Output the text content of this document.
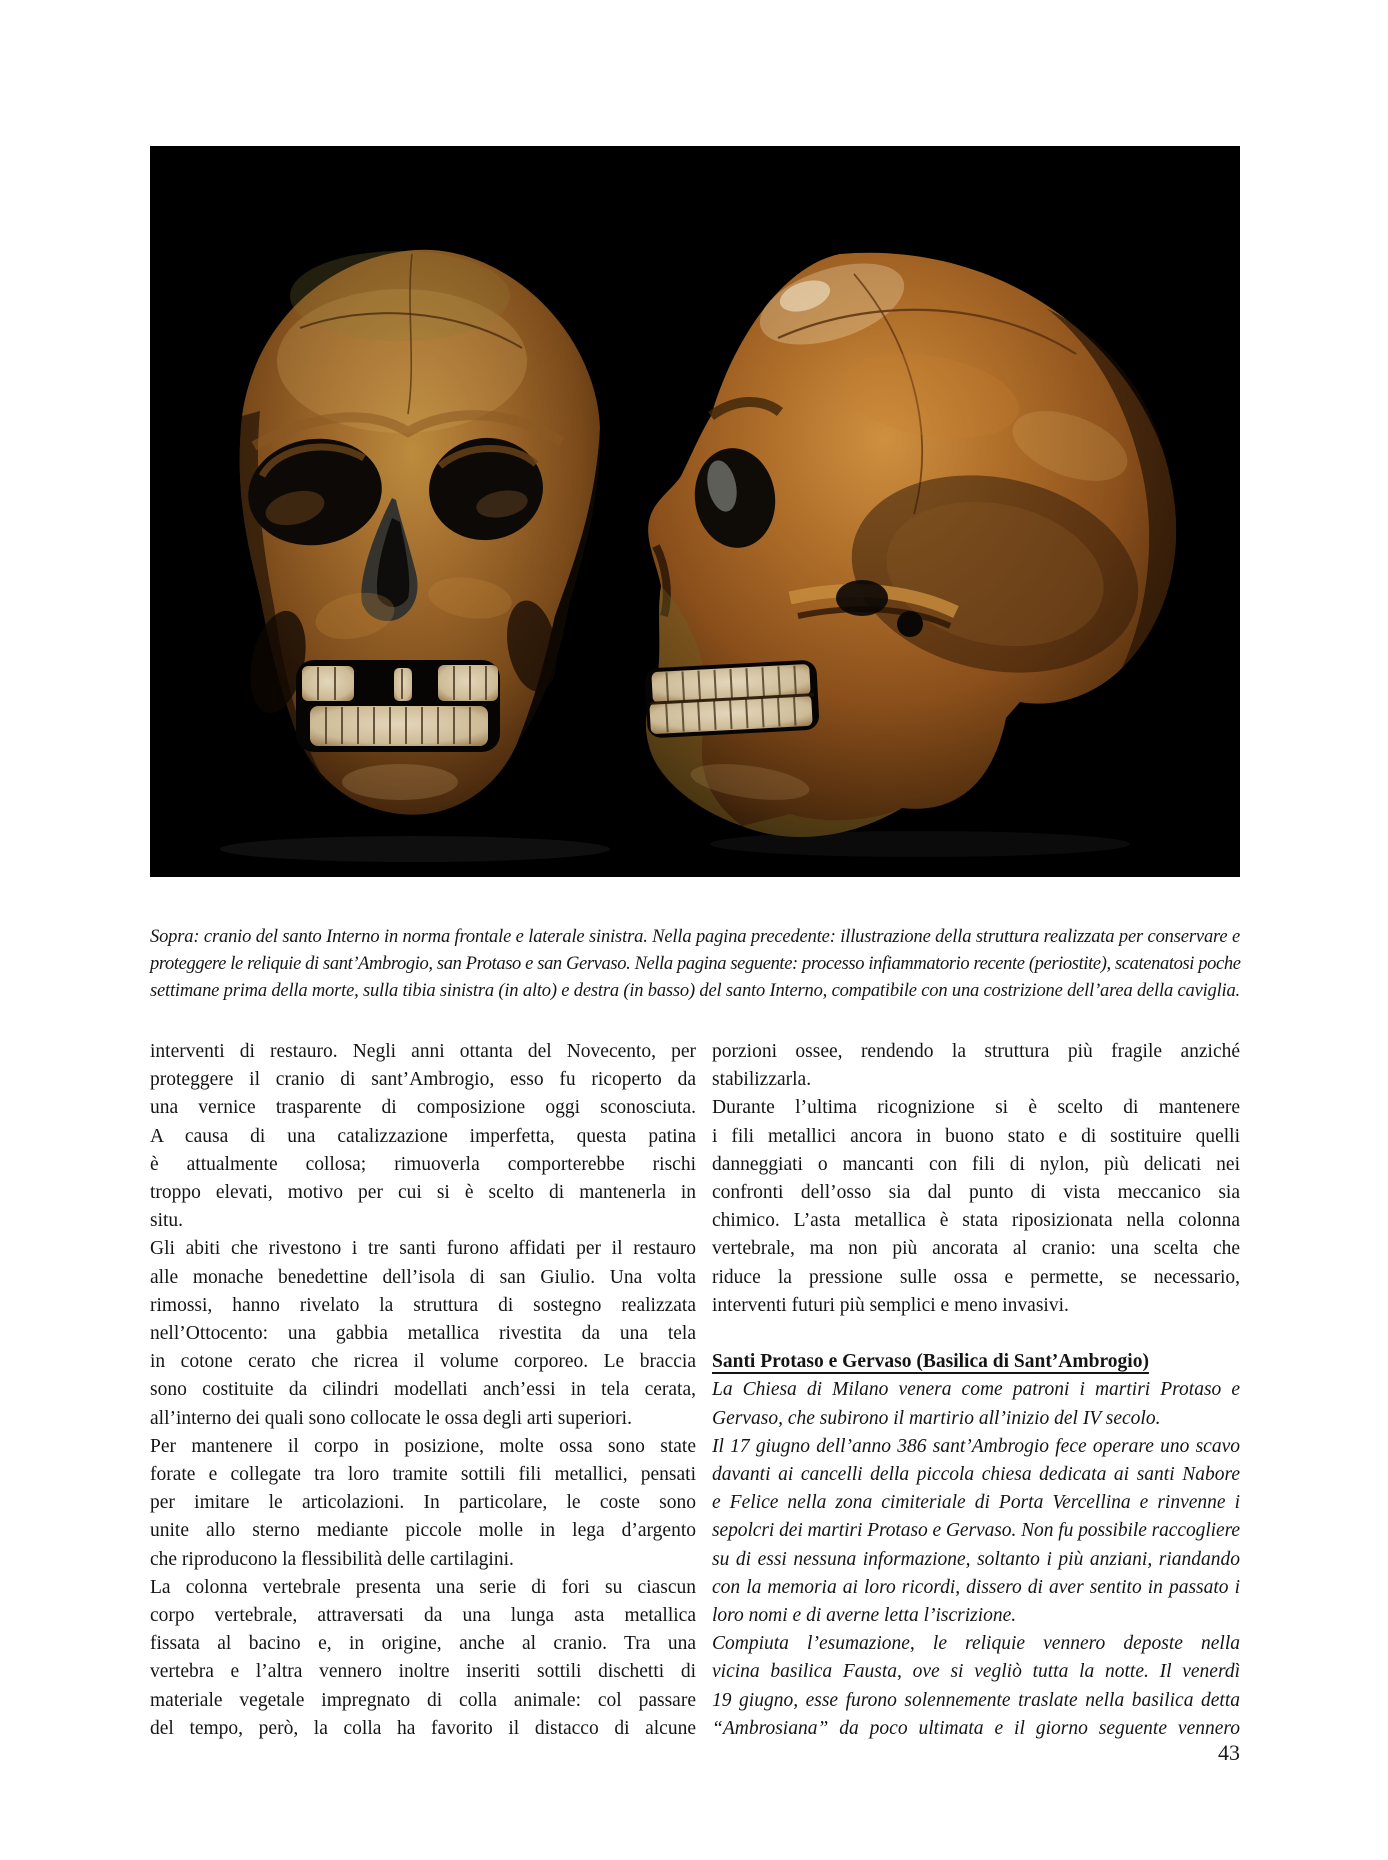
Sopra: cranio del santo Interno in norma frontale e laterale sinistra. Nella pagina precedente: illustrazione della struttura realizzata per conservare e
proteggere le reliquie di sant’Ambrogio, san Protaso e san Gervaso. Nella pagina seguente: processo infiammatorio recente (periostite), scatenatosi poche
settimane prima della morte, sulla tibia sinistra (in alto) e destra (in basso) del santo Interno, compatibile con una costrizione dell’area della caviglia.
interventi di restauro. Negli anni ottanta del Novecento, per
proteggere il cranio di sant’Ambrogio, esso fu ricoperto da
una vernice trasparente di composizione oggi sconosciuta.
A causa di una catalizzazione imperfetta, questa patina
è attualmente collosa; rimuoverla comporterebbe rischi
troppo elevati, motivo per cui si è scelto di mantenerla in
situ.
Gli abiti che rivestono i tre santi furono affidati per il restauro
alle monache benedettine dell’isola di san Giulio. Una volta
rimossi, hanno rivelato la struttura di sostegno realizzata
nell’Ottocento: una gabbia metallica rivestita da una tela
in cotone cerato che ricrea il volume corporeo. Le braccia
sono costituite da cilindri modellati anch’essi in tela cerata,
all’interno dei quali sono collocate le ossa degli arti superiori.
Per mantenere il corpo in posizione, molte ossa sono state
forate e collegate tra loro tramite sottili fili metallici, pensati
per imitare le articolazioni. In particolare, le coste sono
unite allo sterno mediante piccole molle in lega d’argento
che riproducono la flessibilità delle cartilagini.
La colonna vertebrale presenta una serie di fori su ciascun
corpo vertebrale, attraversati da una lunga asta metallica
fissata al bacino e, in origine, anche al cranio. Tra una
vertebra e l’altra vennero inoltre inseriti sottili dischetti di
materiale vegetale impregnato di colla animale: col passare
del tempo, però, la colla ha favorito il distacco di alcune
porzioni ossee, rendendo la struttura più fragile anziché
stabilizzarla.
Durante l’ultima ricognizione si è scelto di mantenere
i fili metallici ancora in buono stato e di sostituire quelli
danneggiati o mancanti con fili di nylon, più delicati nei
confronti dell’osso sia dal punto di vista meccanico sia
chimico. L’asta metallica è stata riposizionata nella colonna
vertebrale, ma non più ancorata al cranio: una scelta che
riduce la pressione sulle ossa e permette, se necessario,
interventi futuri più semplici e meno invasivi.

Santi Protaso e Gervaso (Basilica di Sant’Ambrogio)
La Chiesa di Milano venera come patroni i martiri Protaso e
Gervaso, che subirono il martirio all’inizio del IV secolo.
Il 17 giugno dell’anno 386 sant’Ambrogio fece operare uno scavo
davanti ai cancelli della piccola chiesa dedicata ai santi Nabore
e Felice nella zona cimiteriale di Porta Vercellina e rinvenne i
sepolcri dei martiri Protaso e Gervaso. Non fu possibile raccogliere
su di essi nessuna informazione, soltanto i più anziani, riandando
con la memoria ai loro ricordi, dissero di aver sentito in passato i
loro nomi e di averne letta l’iscrizione.
Compiuta l’esumazione, le reliquie vennero deposte nella
vicina basilica Fausta, ove si vegliò tutta la notte. Il venerdì
19 giugno, esse furono solennemente traslate nella basilica detta
“Ambrosiana” da poco ultimata e il giorno seguente vennero
43
